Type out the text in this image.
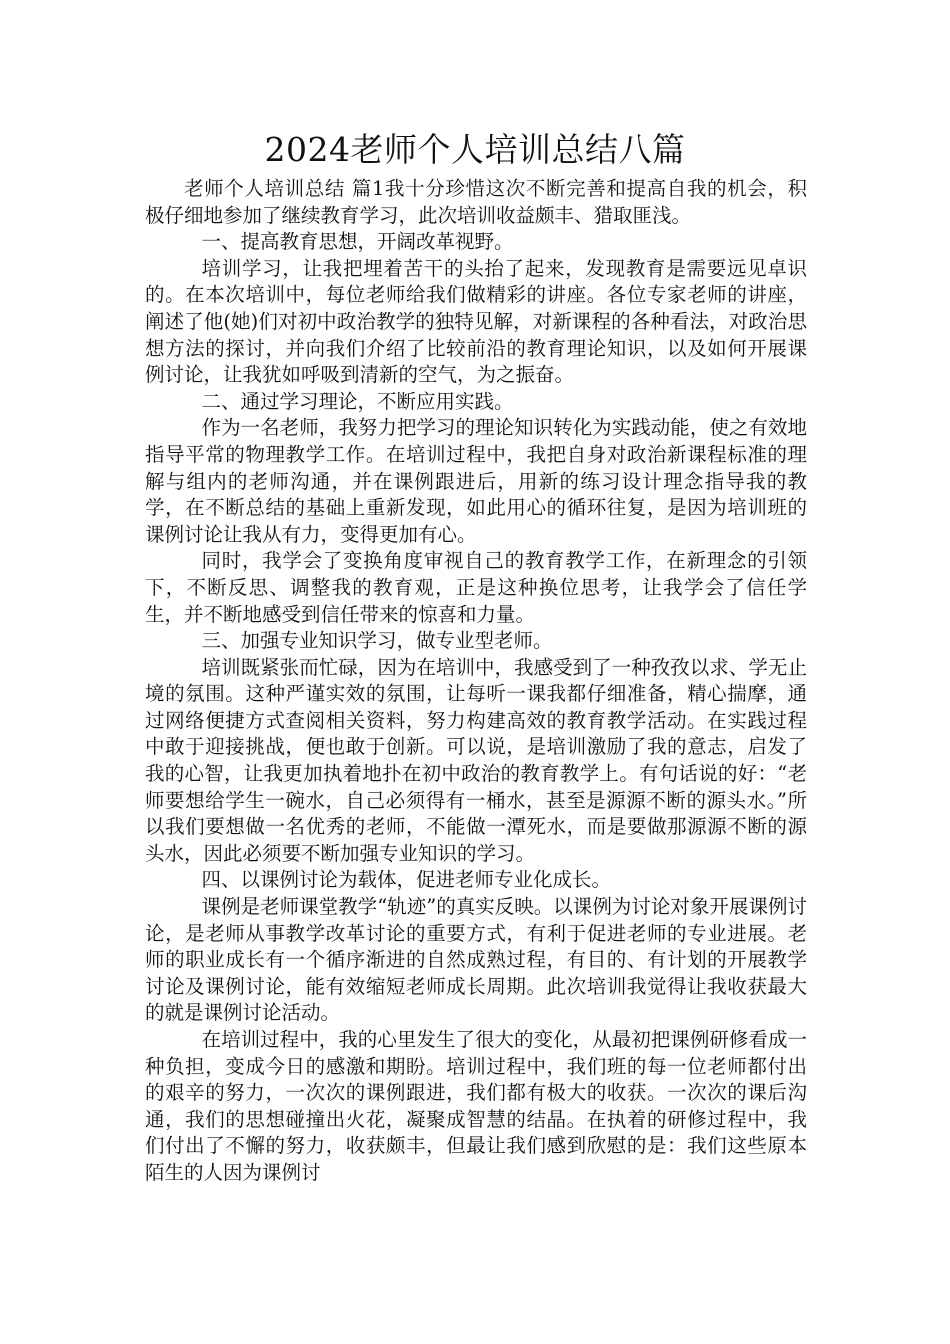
2024老师个人培训总结八篇

老师个人培训总结 篇1我十分珍惜这次不断完善和提高自我的机会，积极仔细地参加了继续教育学习，此次培训收益颇丰、猎取匪浅。

一、提高教育思想，开阔改革视野。

培训学习，让我把埋着苦干的头抬了起来，发现教育是需要远见卓识的。在本次培训中，每位老师给我们做精彩的讲座。各位专家老师的讲座，阐述了他(她)们对初中政治教学的独特见解，对新课程的各种看法，对政治思想方法的探讨，并向我们介绍了比较前沿的教育理论知识，以及如何开展课例讨论，让我犹如呼吸到清新的空气，为之振奋。

二、通过学习理论，不断应用实践。

作为一名老师，我努力把学习的理论知识转化为实践动能，使之有效地指导平常的物理教学工作。在培训过程中，我把自身对政治新课程标准的理解与组内的老师沟通，并在课例跟进后，用新的练习设计理念指导我的教学，在不断总结的基础上重新发现，如此用心的循环往复，是因为培训班的课例讨论让我从有力，变得更加有心。

同时，我学会了变换角度审视自己的教育教学工作，在新理念的引领下，不断反思、调整我的教育观，正是这种换位思考，让我学会了信任学生，并不断地感受到信任带来的惊喜和力量。

三、加强专业知识学习，做专业型老师。

培训既紧张而忙碌，因为在培训中，我感受到了一种孜孜以求、学无止境的氛围。这种严谨实效的氛围，让每听一课我都仔细准备，精心揣摩，通过网络便捷方式查阅相关资料，努力构建高效的教育教学活动。在实践过程中敢于迎接挑战，便也敢于创新。可以说，是培训激励了我的意志，启发了我的心智，让我更加执着地扑在初中政治的教育教学上。有句话说的好：“老师要想给学生一碗水，自己必须得有一桶水，甚至是源源不断的源头水。”所以我们要想做一名优秀的老师，不能做一潭死水，而是要做那源源不断的源头水，因此必须要不断加强专业知识的学习。

四、以课例讨论为载体，促进老师专业化成长。

课例是老师课堂教学“轨迹”的真实反映。以课例为讨论对象开展课例讨论，是老师从事教学改革讨论的重要方式，有利于促进老师的专业进展。老师的职业成长有一个循序渐进的自然成熟过程，有目的、有计划的开展教学讨论及课例讨论，能有效缩短老师成长周期。此次培训我觉得让我收获最大的就是课例讨论活动。

在培训过程中，我的心里发生了很大的变化，从最初把课例研修看成一种负担，变成今日的感激和期盼。培训过程中，我们班的每一位老师都付出的艰辛的努力，一次次的课例跟进，我们都有极大的收获。一次次的课后沟通，我们的思想碰撞出火花，凝聚成智慧的结晶。在执着的研修过程中，我们付出了不懈的努力，收获颇丰，但最让我们感到欣慰的是：我们这些原本陌生的人因为课例讨
